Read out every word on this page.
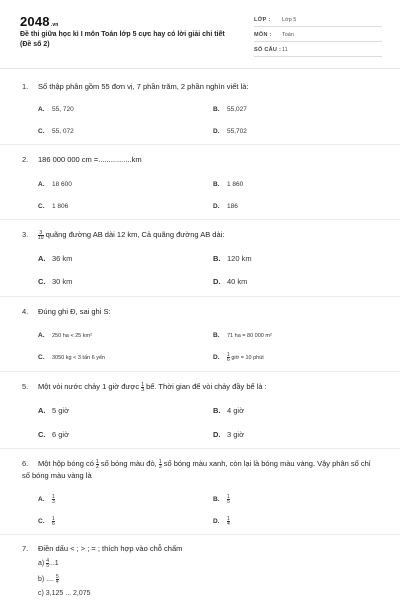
2048.vn
Đề thi giữa học kì I môn Toán lớp 5 cực hay có lời giải chi tiết (Đề số 2)
LỚP : Lớp 5
MÔN : Toán
SỐ CÂU : 11
1. Số thập phân gồm 55 đơn vị, 7 phần trăm, 2 phần nghìn viết là:
A. 55, 720	B. 55,027
C. 55, 072	D. 55,702
2. 186 000 000 cm =................km
A. 18 600	B. 1 860
C. 1 806	D. 186
3. $\frac{3}{10}$ quãng đường AB dài 12 km, Cả quãng đường AB dài:
A. 36 km	B. 120 km
C. 30 km	D. 40 km
4. Đúng ghi Đ, sai ghi S:
A. 250 ha < 25 km²	B. 71 ha = 80 000 m²
C. 3050 kg < 3 tấn 6 yến	D. $\frac{1}{6}$ giờ = 10 phút
5. Một vòi nước chảy 1 giờ được $\frac{1}{3}$ bể. Thời gian để vòi chảy đầy bể là :
A. 5 giờ	B. 4 giờ
C. 6 giờ	D. 3 giờ
6. Một hộp bóng có $\frac{1}{2}$ số bóng màu đỏ, $\frac{1}{3}$ số bóng màu xanh, còn lại là bóng màu vàng. Vậy phân số chỉ số bóng màu vàng là
A. $\frac{1}{3}$	B. $\frac{1}{5}$
C. $\frac{1}{6}$	D. $\frac{1}{4}$
7. Điền dấu < ; > ; = ; thích hợp vào chỗ chấm
$a) \frac{4}{5} ...1$
b) .... $\frac{5}{4}$
c) 3,125 ... 2,075
